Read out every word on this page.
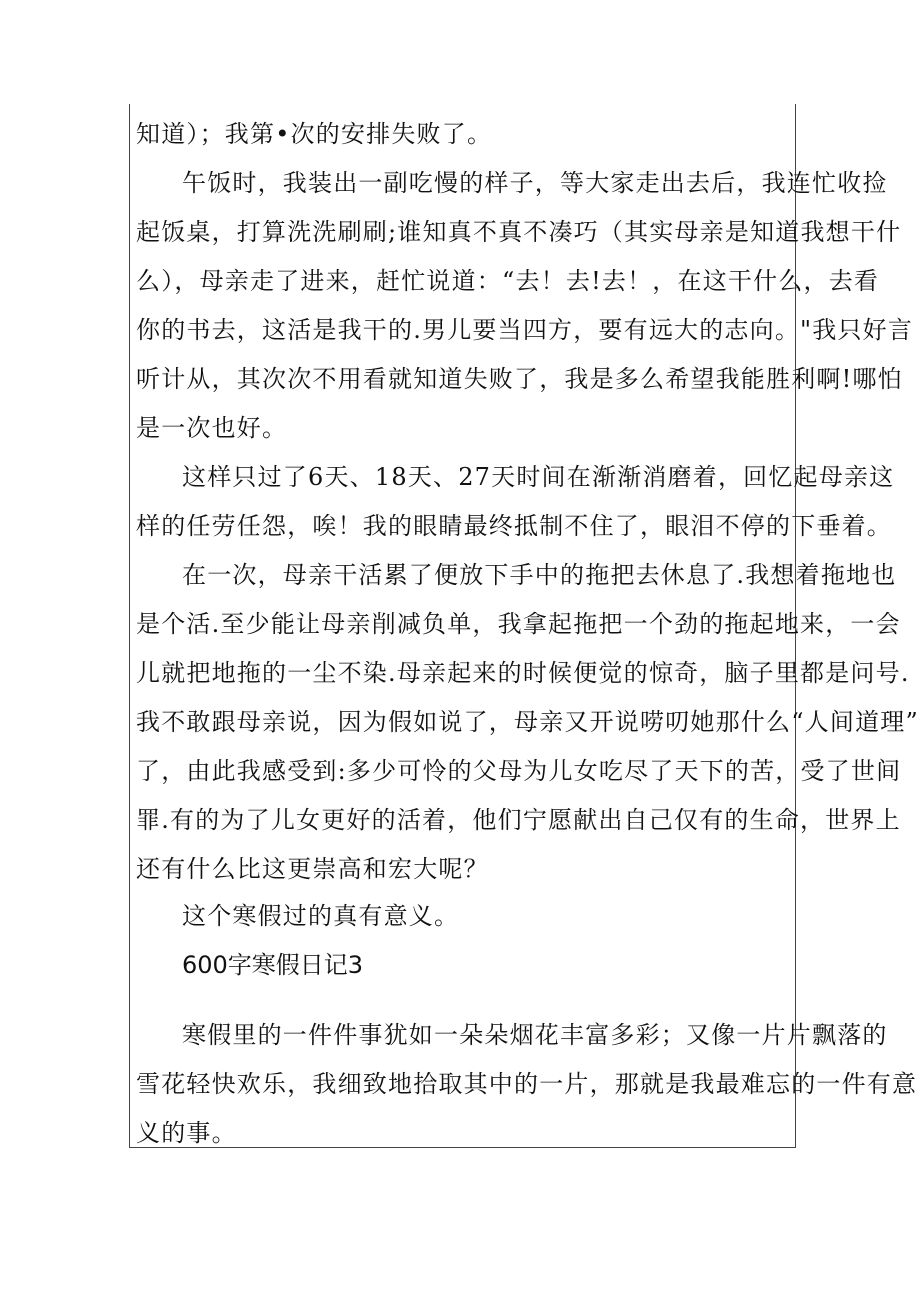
知道）；我第•次的安排失败了。
午饭时，我装出一副吃慢的样子，等大家走出去后，我连忙收捡
起饭桌，打算洗洗刷刷;谁知真不真不凑巧（其实母亲是知道我想干什
么），母亲走了进来，赶忙说道：“去！去!去！，在这干什么，去看
你的书去，这活是我干的.男儿要当四方，要有远大的志向。"我只好言
听计从，其次次不用看就知道失败了，我是多么希望我能胜利啊!哪怕
是一次也好。
这样只过了6天、18天、27天时间在渐渐消磨着，回忆起母亲这
样的任劳任怨，唉！我的眼睛最终抵制不住了，眼泪不停的下垂着。
在一次，母亲干活累了便放下手中的拖把去休息了.我想着拖地也
是个活.至少能让母亲削减负单，我拿起拖把一个劲的拖起地来，一会
儿就把地拖的一尘不染.母亲起来的时候便觉的惊奇，脑子里都是问号.
我不敢跟母亲说，因为假如说了，母亲又开说唠叨她那什么“人间道理”
了，由此我感受到:多少可怜的父母为儿女吃尽了天下的苦，受了世间
罪.有的为了儿女更好的活着，他们宁愿献出自己仅有的生命，世界上
还有什么比这更崇高和宏大呢？
这个寒假过的真有意义。
600字寒假日记3
寒假里的一件件事犹如一朵朵烟花丰富多彩；又像一片片飘落的
雪花轻快欢乐，我细致地拾取其中的一片，那就是我最难忘的一件有意
义的事。
